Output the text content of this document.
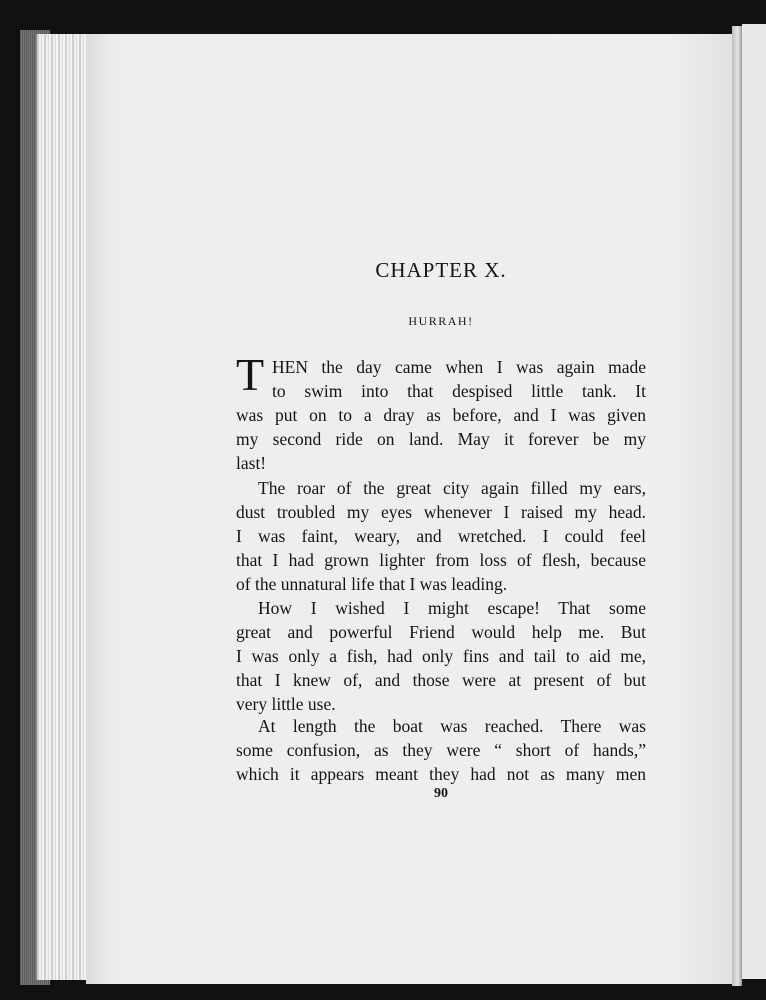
CHAPTER X.
HURRAH!
T HEN the day came when I was again made
to swim into that despised little tank. It
was put on to a dray as before, and I was given
my second ride on land. May it forever be my
last!
The roar of the great city again filled my ears,
dust troubled my eyes whenever I raised my head.
I was faint, weary, and wretched. I could feel
that I had grown lighter from loss of flesh, because
of the unnatural life that I was leading.
How I wished I might escape! That some
great and powerful Friend would help me. But
I was only a fish, had only fins and tail to aid me,
that I knew of, and those were at present of but
very little use.
At length the boat was reached. There was
some confusion, as they were “ short of hands,”
which it appears meant they had not as many men
90
